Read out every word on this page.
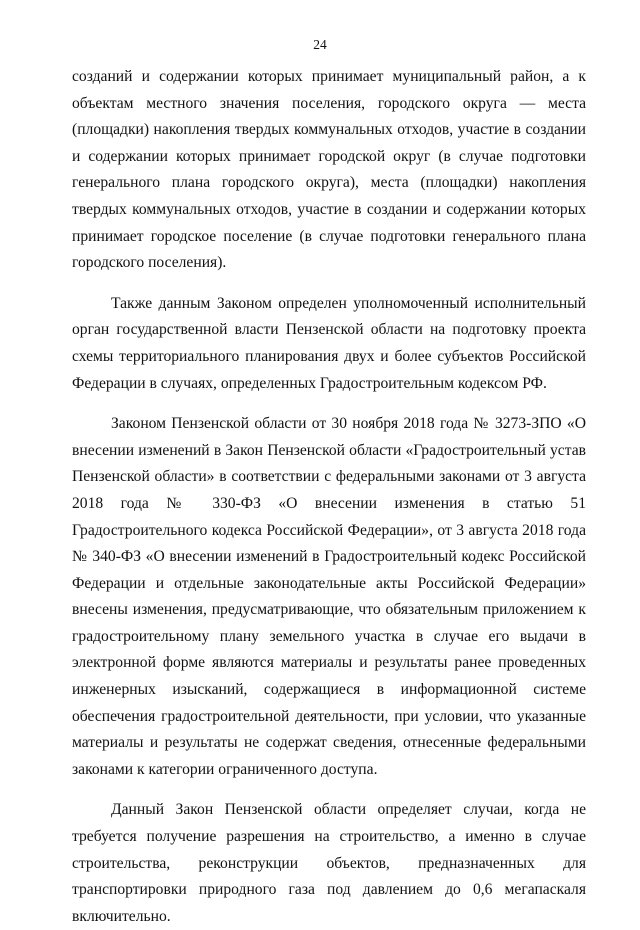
24

созданий и содержании которых принимает муниципальный район, а к объектам местного значения поселения, городского округа — места (площадки) накопления твердых коммунальных отходов, участие в создании и содержании которых принимает городской округ (в случае подготовки генерального плана городского округа), места (площадки) накопления твердых коммунальных отходов, участие в создании и содержании которых принимает городское поселение (в случае подготовки генерального плана городского поселения).

Также данным Законом определен уполномоченный исполнительный орган государственной власти Пензенской области на подготовку проекта схемы территориального планирования двух и более субъектов Российской Федерации в случаях, определенных Градостроительным кодексом РФ.

Законом Пензенской области от 30 ноября 2018 года № 3273-ЗПО «О внесении изменений в Закон Пензенской области «Градостроительный устав Пензенской области» в соответствии с федеральными законами от 3 августа 2018 года № 330-ФЗ «О внесении изменения в статью 51 Градостроительного кодекса Российской Федерации», от 3 августа 2018 года № 340-ФЗ «О внесении изменений в Градостроительный кодекс Российской Федерации и отдельные законодательные акты Российской Федерации» внесены изменения, предусматривающие, что обязательным приложением к градостроительному плану земельного участка в случае его выдачи в электронной форме являются материалы и результаты ранее проведенных инженерных изысканий, содержащиеся в информационной системе обеспечения градостроительной деятельности, при условии, что указанные материалы и результаты не содержат сведения, отнесенные федеральными законами к категории ограниченного доступа.

Данный Закон Пензенской области определяет случаи, когда не требуется получение разрешения на строительство, а именно в случае строительства, реконструкции объектов, предназначенных для транспортировки природного газа под давлением до 0,6 мегапаскаля включительно.
